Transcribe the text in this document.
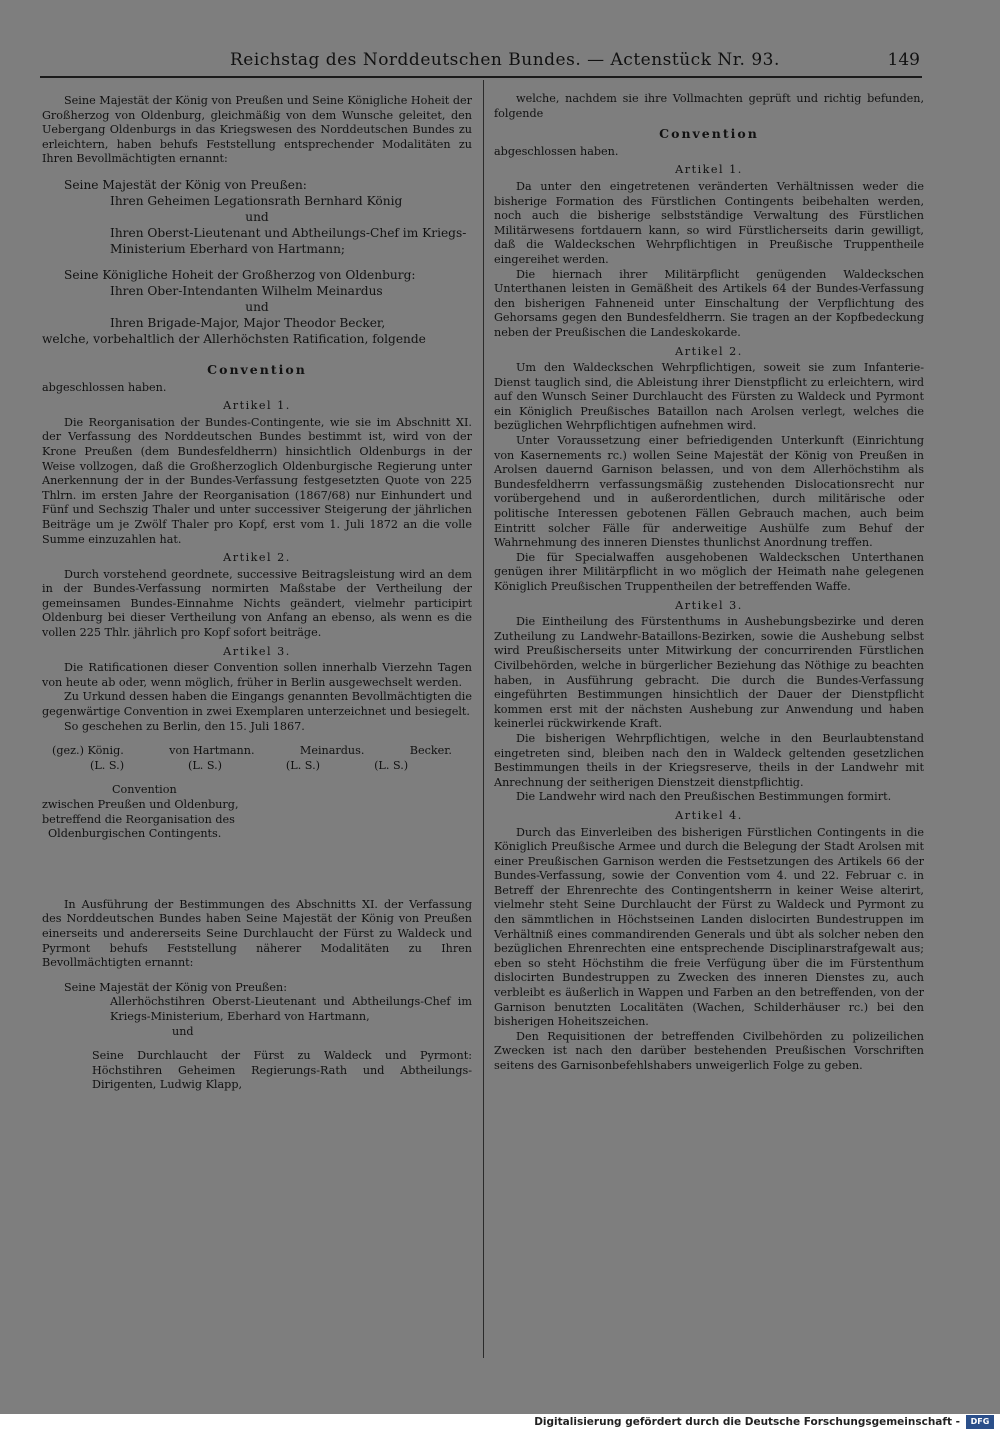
Reichstag des Norddeutschen Bundes. — Actenstück Nr. 93.	149

Seine Majestät der König von Preußen und Seine Königliche Hoheit der Großherzog von Oldenburg, gleichmäßig von dem Wunsche geleitet, den Uebergang Oldenburgs in das Kriegswesen des Norddeutschen Bundes zu erleichtern, haben behufs Feststellung entsprechender Modalitäten zu Ihren Bevollmächtigten ernannt:

Seine Majestät der König von Preußen:

Ihren Geheimen Legationsrath Bernhard König

und

Ihren Oberst-Lieutenant und Abtheilungs-Chef im Kriegs-Ministerium Eberhard von Hartmann;

Seine Königliche Hoheit der Großherzog von Oldenburg:

Ihren Ober-Intendanten Wilhelm Meinardus

und

Ihren Brigade-Major, Major Theodor Becker,

welche, vorbehaltlich der Allerhöchsten Ratification, folgende

Convention

abgeschlossen haben.

Artikel 1.

Die Reorganisation der Bundes-Contingente, wie sie im Abschnitt XI. der Verfassung des Norddeutschen Bundes bestimmt ist, wird von der Krone Preußen (dem Bundesfeldherrn) hinsichtlich Oldenburgs in der Weise vollzogen, daß die Großherzoglich Oldenburgische Regierung unter Anerkennung der in der Bundes-Verfassung festgesetzten Quote von 225 Thlrn. im ersten Jahre der Reorganisation (1867/68) nur Einhundert und Fünf und Sechszig Thaler und unter successiver Steigerung der jährlichen Beiträge um je Zwölf Thaler pro Kopf, erst vom 1. Juli 1872 an die volle Summe einzuzahlen hat.

Artikel 2.

Durch vorstehend geordnete, successive Beitragsleistung wird an dem in der Bundes-Verfassung normirten Maßstabe der Vertheilung der gemeinsamen Bundes-Einnahme Nichts geändert, vielmehr participirt Oldenburg bei dieser Vertheilung von Anfang an ebenso, als wenn es die vollen 225 Thlr. jährlich pro Kopf sofort beiträge.

Artikel 3.

Die Ratificationen dieser Convention sollen innerhalb Vierzehn Tagen von heute ab oder, wenn möglich, früher in Berlin ausgewechselt werden.

Zu Urkund dessen haben die Eingangs genannten Bevollmächtigten die gegenwärtige Convention in zwei Exemplaren unterzeichnet und besiegelt.

So geschehen zu Berlin, den 15. Juli 1867.

(gez.) König.	von Hartmann.	Meinardus.	Becker.
(L. S.)	(L. S.)	(L. S.)	(L. S.)

Convention

zwischen Preußen und Oldenburg,

betreffend die Reorganisation des

Oldenburgischen Contingents.

In Ausführung der Bestimmungen des Abschnitts XI. der Verfassung des Norddeutschen Bundes haben Seine Majestät der König von Preußen einerseits und andererseits Seine Durchlaucht der Fürst zu Waldeck und Pyrmont behufs Feststellung näherer Modalitäten zu Ihren Bevollmächtigten ernannt:

Seine Majestät der König von Preußen:

Allerhöchstihren Oberst-Lieutenant und Abtheilungs-Chef im Kriegs-Ministerium, Eberhard von Hartmann,

und

Seine Durchlaucht der Fürst zu Waldeck und Pyrmont: Höchstihren Geheimen Regierungs-Rath und Abtheilungs-Dirigenten, Ludwig Klapp,

welche, nachdem sie ihre Vollmachten geprüft und richtig befunden, folgende

Convention

abgeschlossen haben.

Artikel 1.

Da unter den eingetretenen veränderten Verhältnissen weder die bisherige Formation des Fürstlichen Contingents beibehalten werden, noch auch die bisherige selbstständige Verwaltung des Fürstlichen Militärwesens fortdauern kann, so wird Fürstlicherseits darin gewilligt, daß die Waldeckschen Wehrpflichtigen in Preußische Truppentheile eingereihet werden.

Die hiernach ihrer Militärpflicht genügenden Waldeckschen Unterthanen leisten in Gemäßheit des Artikels 64 der Bundes-Verfassung den bisherigen Fahneneid unter Einschaltung der Verpflichtung des Gehorsams gegen den Bundesfeldherrn. Sie tragen an der Kopfbedeckung neben der Preußischen die Landeskokarde.

Artikel 2.

Um den Waldeckschen Wehrpflichtigen, soweit sie zum Infanterie-Dienst tauglich sind, die Ableistung ihrer Dienstpflicht zu erleichtern, wird auf den Wunsch Seiner Durchlaucht des Fürsten zu Waldeck und Pyrmont ein Königlich Preußisches Bataillon nach Arolsen verlegt, welches die bezüglichen Wehrpflichtigen aufnehmen wird.

Unter Voraussetzung einer befriedigenden Unterkunft (Einrichtung von Kasernements rc.) wollen Seine Majestät der König von Preußen in Arolsen dauernd Garnison belassen, und von dem Allerhöchstihm als Bundesfeldherrn verfassungsmäßig zustehenden Dislocationsrecht nur vorübergehend und in außerordentlichen, durch militärische oder politische Interessen gebotenen Fällen Gebrauch machen, auch beim Eintritt solcher Fälle für anderweitige Aushülfe zum Behuf der Wahrnehmung des inneren Dienstes thunlichst Anordnung treffen.

Die für Specialwaffen ausgehobenen Waldeckschen Unterthanen genügen ihrer Militärpflicht in wo möglich der Heimath nahe gelegenen Königlich Preußischen Truppentheilen der betreffenden Waffe.

Artikel 3.

Die Eintheilung des Fürstenthums in Aushebungsbezirke und deren Zutheilung zu Landwehr-Bataillons-Bezirken, sowie die Aushebung selbst wird Preußischerseits unter Mitwirkung der concurrirenden Fürstlichen Civilbehörden, welche in bürgerlicher Beziehung das Nöthige zu beachten haben, in Ausführung gebracht. Die durch die Bundes-Verfassung eingeführten Bestimmungen hinsichtlich der Dauer der Dienstpflicht kommen erst mit der nächsten Aushebung zur Anwendung und haben keinerlei rückwirkende Kraft.

Die bisherigen Wehrpflichtigen, welche in den Beurlaubtenstand eingetreten sind, bleiben nach den in Waldeck geltenden gesetzlichen Bestimmungen theils in der Kriegsreserve, theils in der Landwehr mit Anrechnung der seitherigen Dienstzeit dienstpflichtig.

Die Landwehr wird nach den Preußischen Bestimmungen formirt.

Artikel 4.

Durch das Einverleiben des bisherigen Fürstlichen Contingents in die Königlich Preußische Armee und durch die Belegung der Stadt Arolsen mit einer Preußischen Garnison werden die Festsetzungen des Artikels 66 der Bundes-Verfassung, sowie der Convention vom 4. und 22. Februar c. in Betreff der Ehrenrechte des Contingentsherrn in keiner Weise alterirt, vielmehr steht Seine Durchlaucht der Fürst zu Waldeck und Pyrmont zu den sämmtlichen in Höchstseinen Landen dislocirten Bundestruppen im Verhältniß eines commandirenden Generals und übt als solcher neben den bezüglichen Ehrenrechten eine entsprechende Disciplinarstrafgewalt aus; eben so steht Höchstihm die freie Verfügung über die im Fürstenthum dislocirten Bundestruppen zu Zwecken des inneren Dienstes zu, auch verbleibt es äußerlich in Wappen und Farben an den betreffenden, von der Garnison benutzten Localitäten (Wachen, Schilderhäuser rc.) bei den bisherigen Hoheitszeichen.

Den Requisitionen der betreffenden Civilbehörden zu polizeilichen Zwecken ist nach den darüber bestehenden Preußischen Vorschriften seitens des Garnisonbefehlshabers unweigerlich Folge zu geben.

Digitalisierung gefördert durch die Deutsche Forschungsgemeinschaft -	DFG
